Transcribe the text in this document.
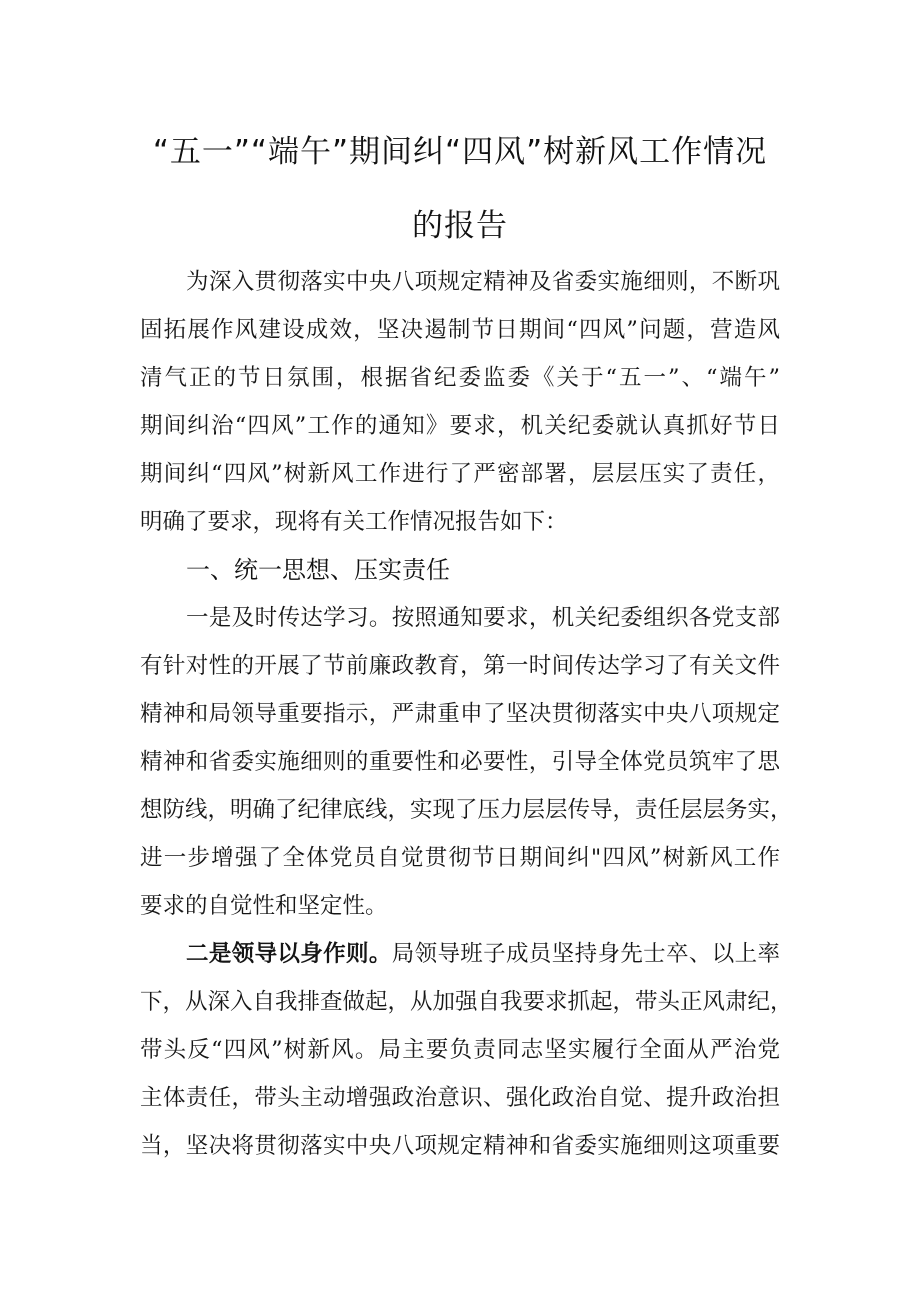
“五一”“端午”期间纠“四风”树新风工作情况
的报告
为深入贯彻落实中央八项规定精神及省委实施细则，不断巩
固拓展作风建设成效，坚决遏制节日期间“四风”问题，营造风
清气正的节日氛围，根据省纪委监委《关于“五一”、“端午”
期间纠治“四风”工作的通知》要求，机关纪委就认真抓好节日
期间纠“四风”树新风工作进行了严密部署，层层压实了责任，
明确了要求，现将有关工作情况报告如下：
一、统一思想、压实责任
一是及时传达学习。按照通知要求，机关纪委组织各党支部
有针对性的开展了节前廉政教育，第一时间传达学习了有关文件
精神和局领导重要指示，严肃重申了坚决贯彻落实中央八项规定
精神和省委实施细则的重要性和必要性，引导全体党员筑牢了思
想防线，明确了纪律底线，实现了压力层层传导，责任层层务实，
进一步增强了全体党员自觉贯彻节日期间纠"四风”树新风工作
要求的自觉性和坚定性。
二是领导以身作则。局领导班子成员坚持身先士卒、以上率
下，从深入自我排查做起，从加强自我要求抓起，带头正风肃纪，
带头反“四风”树新风。局主要负责同志坚实履行全面从严治党
主体责任，带头主动增强政治意识、强化政治自觉、提升政治担
当，坚决将贯彻落实中央八项规定精神和省委实施细则这项重要
